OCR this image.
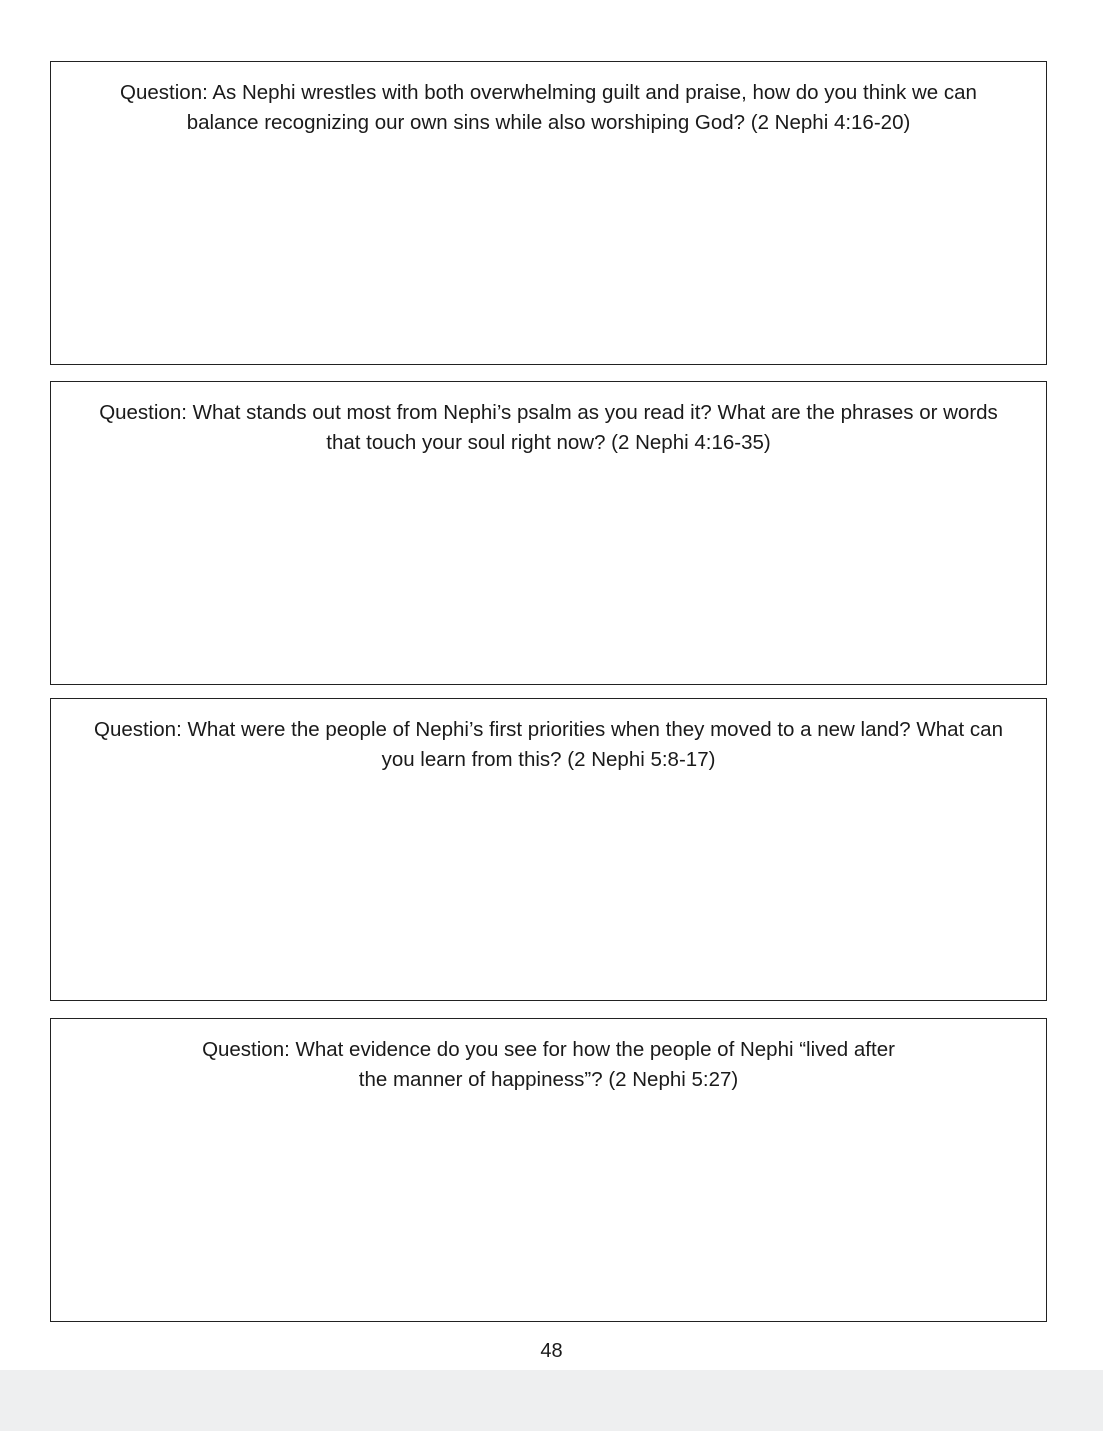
Question: As Nephi wrestles with both overwhelming guilt and praise, how do you think we can balance recognizing our own sins while also worshiping God? (2 Nephi 4:16-20)

Question: What stands out most from Nephi’s psalm as you read it? What are the phrases or words that touch your soul right now? (2 Nephi 4:16-35)

Question: What were the people of Nephi’s first priorities when they moved to a new land? What can you learn from this? (2 Nephi 5:8-17)

Question: What evidence do you see for how the people of Nephi “lived after the manner of happiness”? (2 Nephi 5:27)

48
